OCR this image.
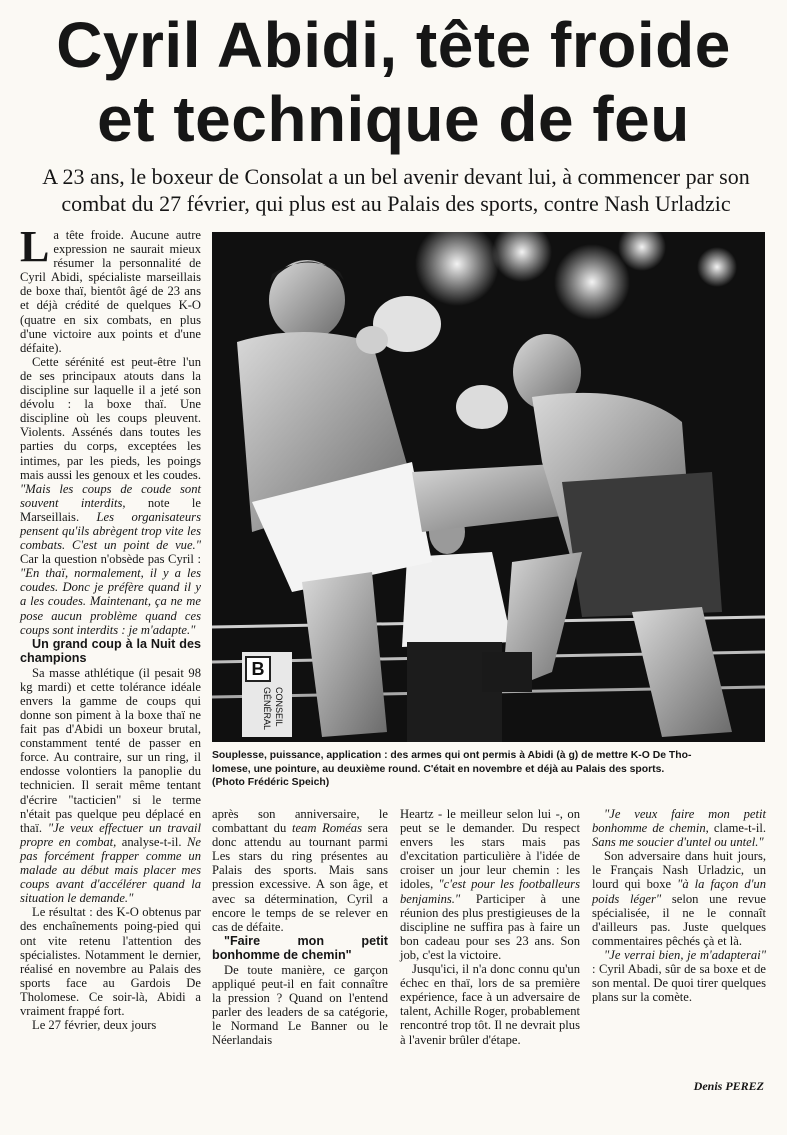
Cyril Abidi, tête froide
et technique de feu

A 23 ans, le boxeur de Consolat a un bel avenir devant lui, à commencer par son
combat du 27 février, qui plus est au Palais des sports, contre Nash Urladzic

La tête froide. Aucune autre expression ne saurait mieux résumer la personnalité de Cyril Abidi, spécialiste marseillais de boxe thaï, bientôt âgé de 23 ans et déjà crédité de quelques K-O (quatre en six combats, en plus d'une victoire aux points et d'une défaite).

Cette sérénité est peut-être l'un de ses principaux atouts dans la discipline sur laquelle il a jeté son dévolu : la boxe thaï. Une discipline où les coups pleuvent. Violents. Assénés dans toutes les parties du corps, exceptées les intimes, par les pieds, les poings mais aussi les genoux et les coudes. "Mais les coups de coude sont souvent interdits, note le Marseillais. Les organisateurs pensent qu'ils abrègent trop vite les combats. C'est un point de vue." Car la question n'obsède pas Cyril : "En thaï, normalement, il y a les coudes. Donc je préfère quand il y a les coudes. Maintenant, ça ne me pose aucun problème quand ces coups sont interdits : je m'adapte."

Un grand coup à la Nuit des champions

Sa masse athlétique (il pesait 98 kg mardi) et cette tolérance idéale envers la gamme de coups qui donne son piment à la boxe thaï ne fait pas d'Abidi un boxeur brutal, constamment tenté de passer en force. Au contraire, sur un ring, il endosse volontiers la panoplie du technicien. Il serait même tentant d'écrire "tacticien" si le terme n'était pas quelque peu déplacé en thaï. "Je veux effectuer un travail propre en combat, analyse-t-il. Ne pas forcément frapper comme un malade au début mais placer mes coups avant d'accélérer quand la situation le demande."

Le résultat : des K-O obtenus par des enchaînements poing-pied qui ont vite retenu l'attention des spécialistes. Notamment le dernier, réalisé en novembre au Palais des sports face au Gardois De Tholomese. Ce soir-là, Abidi a vraiment frappé fort.

Le 27 février, deux jours

B
CONSEIL
GÉNÉRAL

Souplesse, puissance, application : des armes qui ont permis à Abidi (à g) de mettre K-O De Tho-
lomese, une pointure, au deuxième round. C'était en novembre et déjà au Palais des sports.
(Photo Frédéric Speich)

après son anniversaire, le combattant du team Roméas sera donc attendu au tournant parmi Les stars du ring présentes au Palais des sports. Mais sans pression excessive. A son âge, et avec sa détermination, Cyril a encore le temps de se relever en cas de défaite.

"Faire mon petit bonhomme de chemin"

De toute manière, ce garçon appliqué peut-il en fait connaître la pression ? Quand on l'entend parler des leaders de sa catégorie, le Normand Le Banner ou le Néerlandais

Heartz - le meilleur selon lui -, on peut se le demander. Du respect envers les stars mais pas d'excitation particulière à l'idée de croiser un jour leur chemin : les idoles, "c'est pour les footballeurs benjamins." Participer à une réunion des plus prestigieuses de la discipline ne suffira pas à faire un bon cadeau pour ses 23 ans. Son job, c'est la victoire.

Jusqu'ici, il n'a donc connu qu'un échec en thaï, lors de sa première expérience, face à un adversaire de talent, Achille Roger, probablement rencontré trop tôt. Il ne devrait plus à l'avenir brûler d'étape.

"Je veux faire mon petit bonhomme de chemin, clame-t-il. Sans me soucier d'untel ou untel."

Son adversaire dans huit jours, le Français Nash Urladzic, un lourd qui boxe "à la façon d'un poids léger" selon une revue spécialisée, il ne le connaît d'ailleurs pas. Juste quelques commentaires pêchés çà et là.

"Je verrai bien, je m'adapterai" : Cyril Abadi, sûr de sa boxe et de son mental. De quoi tirer quelques plans sur la comète.

Denis PEREZ
